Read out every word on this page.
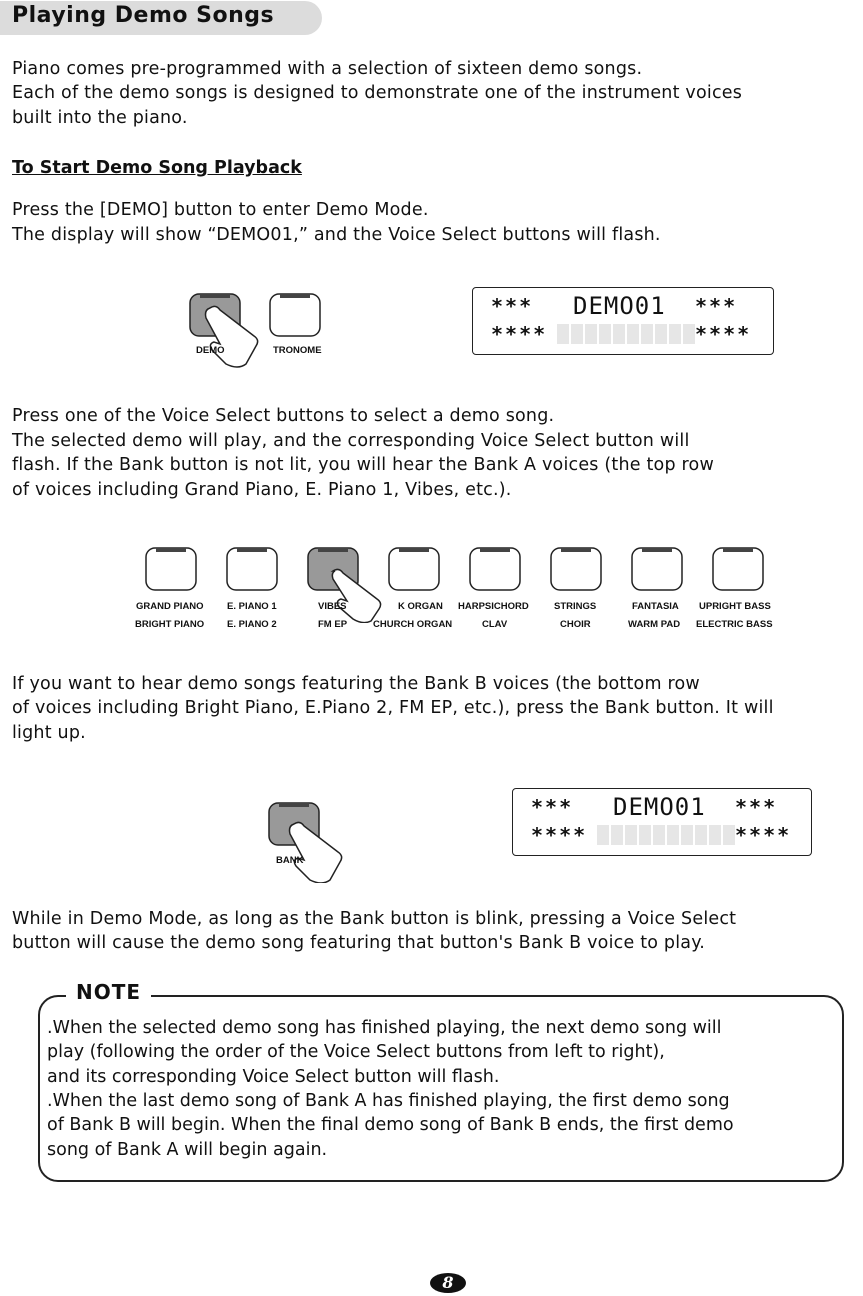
Playing Demo Songs
Piano comes pre-programmed with a selection of sixteen demo songs.
Each of the demo songs is designed to demonstrate one of the instrument voices
built into the piano.
To Start Demo Song Playback
Press the [DEMO] button to enter Demo Mode.
The display will show “DEMO01,” and the Voice Select buttons will flash.
DEMO	TRONOME
*** DEMO01 ***
****	****
Press one of the Voice Select buttons to select a demo song.
The selected demo will play, and the corresponding Voice Select button will
flash. If the Bank button is not lit, you will hear the Bank A voices (the top row
of voices including Grand Piano, E. Piano 1, Vibes, etc.).
GRAND PIANO
BRIGHT PIANO
E. PIANO 1
E. PIANO 2
VIBES
FM EP
K ORGAN
CHURCH ORGAN
HARPSICHORD
CLAV
STRINGS
CHOIR
FANTASIA
WARM PAD
UPRIGHT BASS
ELECTRIC BASS
If you want to hear demo songs featuring the Bank B voices (the bottom row
of voices including Bright Piano, E.Piano 2, FM EP, etc.), press the Bank button. It will
light up.
BANK
*** DEMO01 ***
****	****
While in Demo Mode, as long as the Bank button is blink, pressing a Voice Select
button will cause the demo song featuring that button's Bank B voice to play.
NOTE
.When the selected demo song has finished playing, the next demo song will
play (following the order of the Voice Select buttons from left to right),
and its corresponding Voice Select button will flash.
.When the last demo song of Bank A has finished playing, the first demo song
of Bank B will begin. When the final demo song of Bank B ends, the first demo
song of Bank A will begin again.
8
